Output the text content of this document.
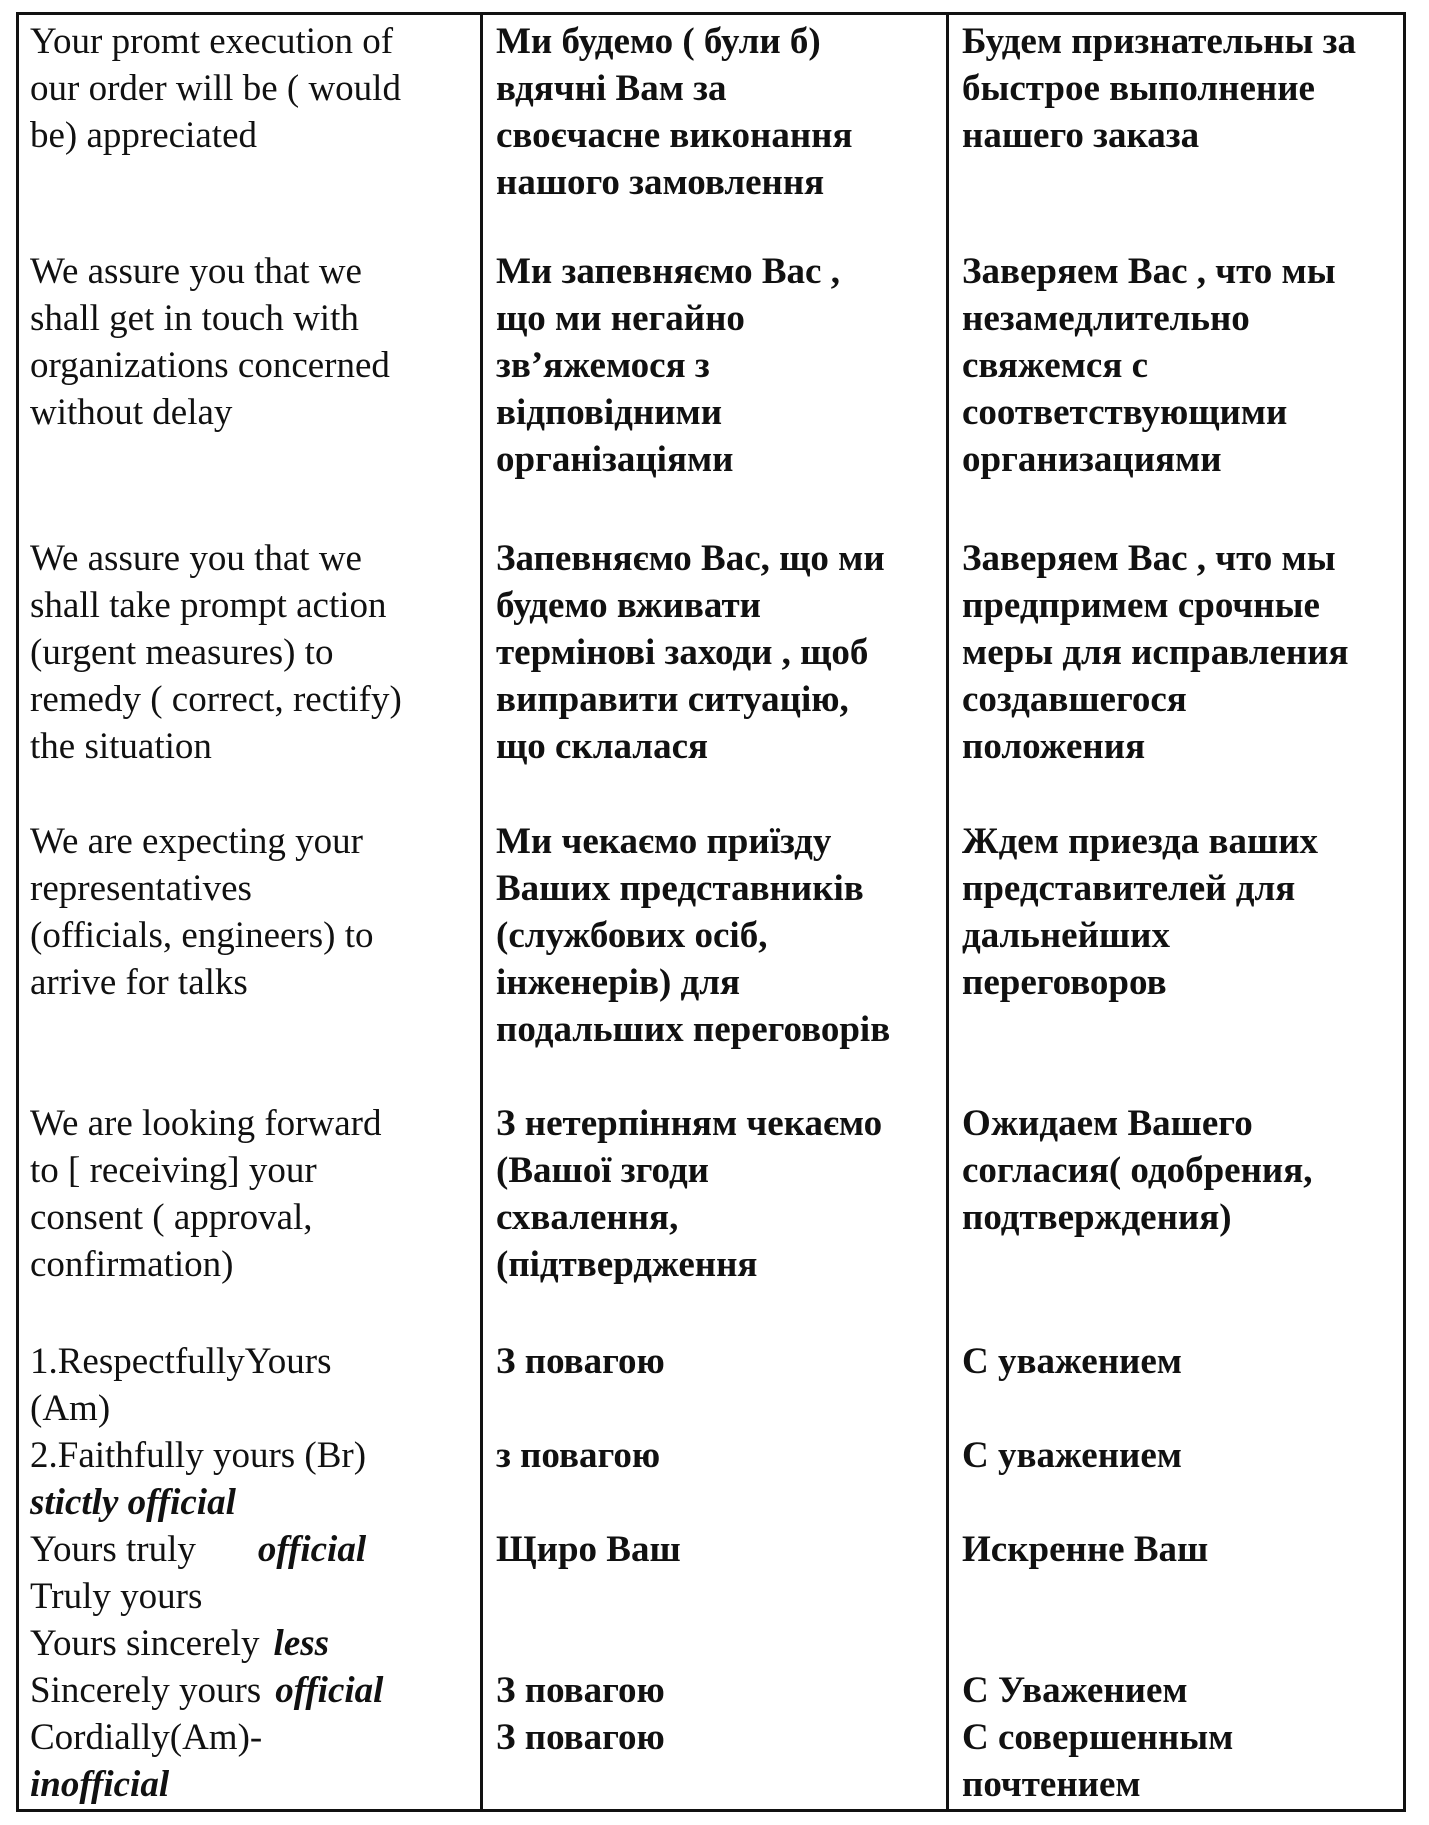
Your promt execution of
our order will be ( would
be) appreciated
Ми будемо ( були б)
вдячні Вам за
своєчасне виконання
нашого замовлення
Будем признательны за
быстрое выполнение
нашего заказа
We assure you that we
shall get in touch with
organizations concerned
without delay
Ми запевняємо Вас ,
що ми негайно
зв’яжемося з
відповідними
організаціями
Заверяем Вас , что мы
незамедлительно
свяжемся с
соответствующими
организациями
We assure you that we
shall take prompt action
(urgent measures) to
remedy ( correct, rectify)
the situation
Запевняємо Вас, що ми
будемо вживати
термінові заходи , щоб
виправити ситуацію,
що склалася
Заверяем Вас , что мы
предпримем срочные
меры для исправления
создавшегося
положения
We are expecting your
representatives
(officials, engineers) to
arrive for talks
Ми чекаємо приїзду
Ваших представників
(службових осіб,
інженерів) для
подальших переговорів
Ждем приезда ваших
представителей для
дальнейших
переговоров
We are looking forward
to [ receiving] your
consent ( approval,
confirmation)
З нетерпінням чекаємо
(Вашої згоди
схвалення,
(підтвердження
Ожидаем Вашего
согласия( одобрения,
подтверждения)
1.RespectfullyYours
(Am)
2.Faithfully yours (Br)
stictly official
Yours truly official
Truly yours
Yours sincerely less
Sincerely yours official
Cordially(Am)-
inofficial
З повагою
з повагою
Щиро Ваш
З повагою
З повагою
С уважением
С уважением
Искренне Ваш
С Уважением
С совершенным
почтением
